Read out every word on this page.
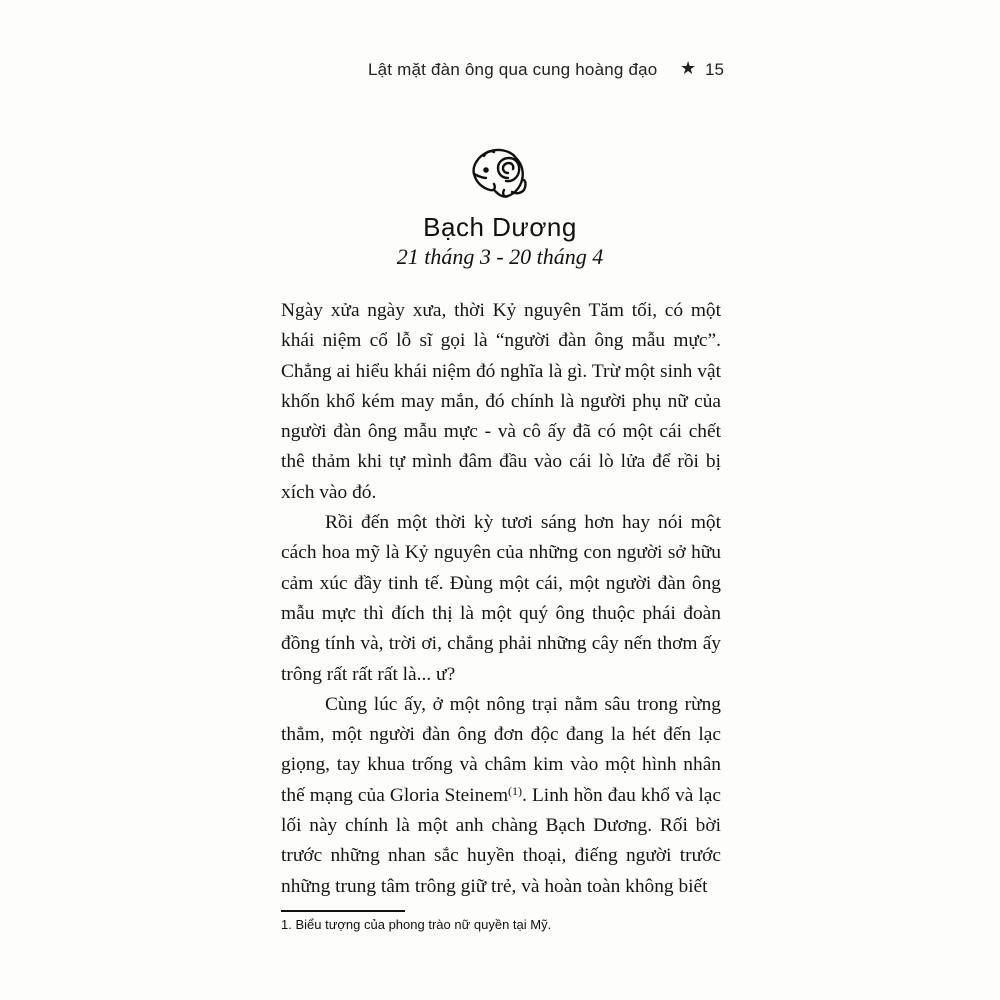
Lật mặt đàn ông qua cung hoàng đạo ★ 15
Bạch Dương
21 tháng 3 - 20 tháng 4

Ngày xửa ngày xưa, thời Kỷ nguyên Tăm tối, có một khái niệm cổ lỗ sĩ gọi là “người đàn ông mẫu mực”. Chẳng ai hiểu khái niệm đó nghĩa là gì. Trừ một sinh vật khốn khổ kém may mắn, đó chính là người phụ nữ của người đàn ông mẫu mực - và cô ấy đã có một cái chết thê thảm khi tự mình đâm đầu vào cái lò lửa để rồi bị xích vào đó.

Rồi đến một thời kỳ tươi sáng hơn hay nói một cách hoa mỹ là Kỷ nguyên của những con người sở hữu cảm xúc đầy tinh tế. Đùng một cái, một người đàn ông mẫu mực thì đích thị là một quý ông thuộc phái đoàn đồng tính và, trời ơi, chẳng phải những cây nến thơm ấy trông rất rất rất là... ư?

Cùng lúc ấy, ở một nông trại nằm sâu trong rừng thẳm, một người đàn ông đơn độc đang la hét đến lạc giọng, tay khua trống và châm kim vào một hình nhân thế mạng của Gloria Steinem$^{(1)}$. Linh hồn đau khổ và lạc lối này chính là một anh chàng Bạch Dương. Rối bời trước những nhan sắc huyền thoại, điếng người trước những trung tâm trông giữ trẻ, và hoàn toàn không biết

1. Biểu tượng của phong trào nữ quyền tại Mỹ.
